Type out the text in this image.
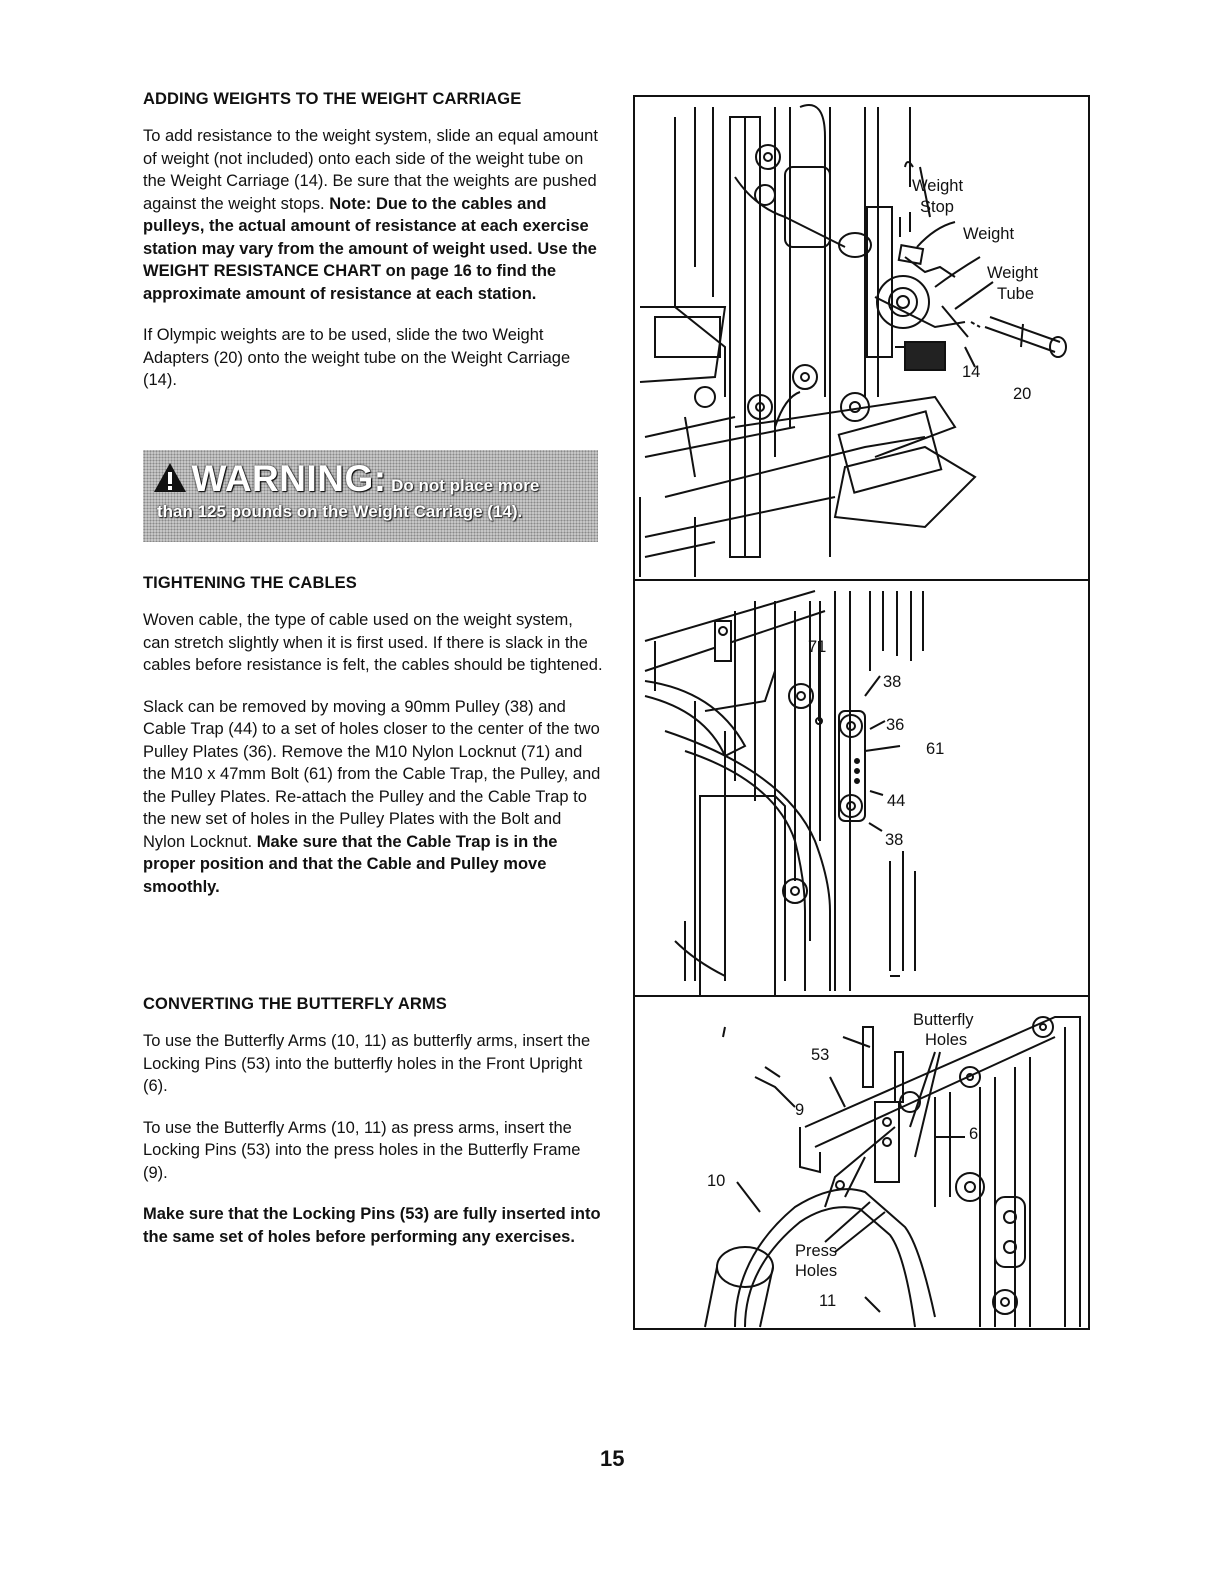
ADDING WEIGHTS TO THE WEIGHT CARRIAGE

To add resistance to the weight system, slide an equal amount of weight (not included) onto each side of the weight tube on the Weight Carriage (14). Be sure that the weights are pushed against the weight stops. Note: Due to the cables and pulleys, the actual amount of resistance at each exercise station may vary from the amount of weight used. Use the WEIGHT RESISTANCE CHART on page 16 to find the approximate amount of resistance at each station.

If Olympic weights are to be used, slide the two Weight Adapters (20) onto the weight tube on the Weight Carriage (14).

WARNING: Do not place more
than 125 pounds on the Weight Carriage (14).
TIGHTENING THE CABLES

Woven cable, the type of cable used on the weight system, can stretch slightly when it is first used. If there is slack in the cables before resistance is felt, the cables should be tightened.

Slack can be removed by moving a 90mm Pulley (38) and Cable Trap (44) to a set of holes closer to the center of the two Pulley Plates (36). Remove the M10 Nylon Locknut (71) and the M10 x 47mm Bolt (61) from the Cable Trap, the Pulley, and the Pulley Plates. Re-attach the Pulley and the Cable Trap to the new set of holes in the Pulley Plates with the Bolt and Nylon Locknut. Make sure that the Cable Trap is in the proper position and that the Cable and Pulley move smoothly.

CONVERTING THE BUTTERFLY ARMS

To use the Butterfly Arms (10, 11) as butterfly arms, insert the Locking Pins (53) into the butterfly holes in the Front Upright (6).

To use the Butterfly Arms (10, 11) as press arms, insert the Locking Pins (53) into the press holes in the Butterfly Frame (9).

Make sure that the Locking Pins (53) are fully inserted into the same set of holes before performing any exercises.

Weight
Stop
Weight
Weight
Tube
14
20
71
38
36
61
44
38
Butterfly
Holes
53
9
6
10
Press
Holes
11
15
